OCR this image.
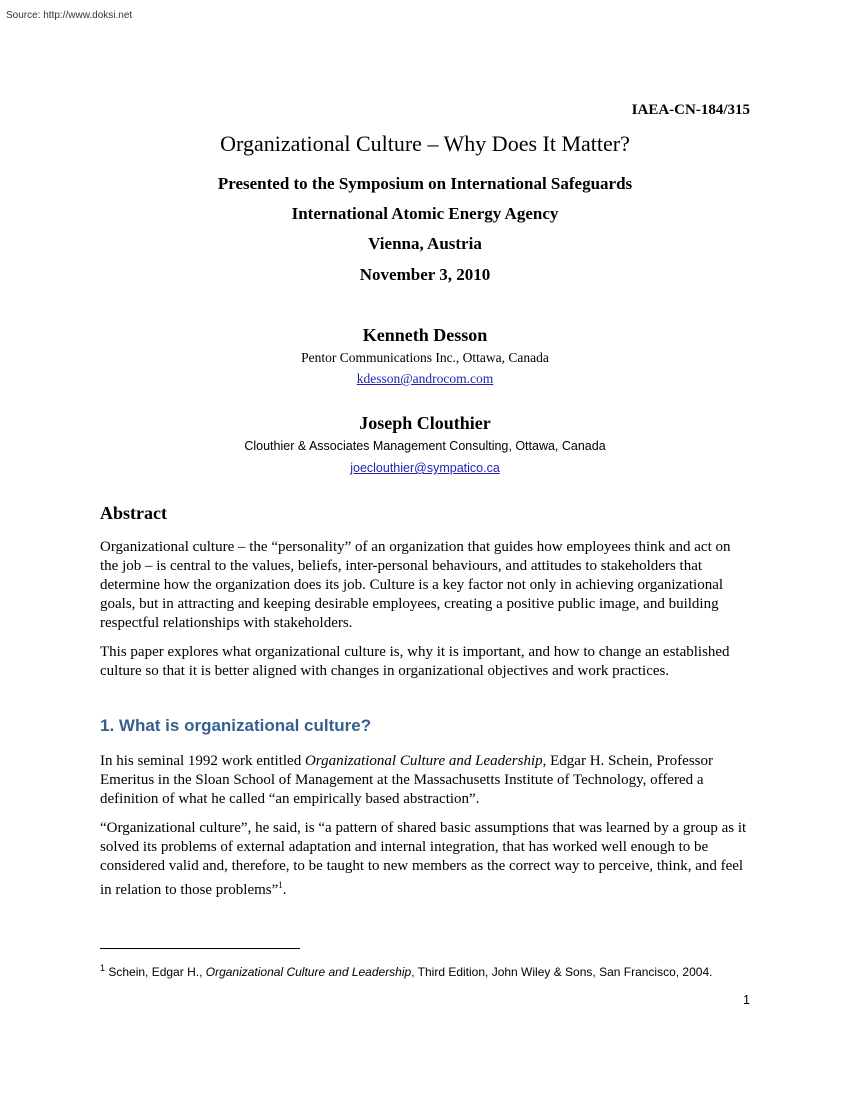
Source: http://www.doksi.net
IAEA-CN-184/315
Organizational Culture – Why Does It Matter?
Presented to the Symposium on International Safeguards
International Atomic Energy Agency
Vienna, Austria
November 3, 2010
Kenneth Desson
Pentor Communications Inc., Ottawa, Canada
kdesson@androcom.com
Joseph Clouthier
Clouthier & Associates Management Consulting, Ottawa, Canada
joeclouthier@sympatico.ca
Abstract

Organizational culture – the “personality” of an organization that guides how employees think and act on the job – is central to the values, beliefs, inter-personal behaviours, and attitudes to stakeholders that determine how the organization does its job. Culture is a key factor not only in achieving organizational goals, but in attracting and keeping desirable employees, creating a positive public image, and building respectful relationships with stakeholders.

This paper explores what organizational culture is, why it is important, and how to change an established culture so that it is better aligned with changes in organizational objectives and work practices.

1. What is organizational culture?

In his seminal 1992 work entitled Organizational Culture and Leadership, Edgar H. Schein, Professor Emeritus in the Sloan School of Management at the Massachusetts Institute of Technology, offered a definition of what he called “an empirically based abstraction”.

“Organizational culture”, he said, is “a pattern of shared basic assumptions that was learned by a group as it solved its problems of external adaptation and internal integration, that has worked well enough to be considered valid and, therefore, to be taught to new members as the correct way to perceive, think, and feel in relation to those problems”$^1$.

$^1$ Schein, Edgar H., Organizational Culture and Leadership, Third Edition, John Wiley & Sons, San Francisco, 2004.
1
